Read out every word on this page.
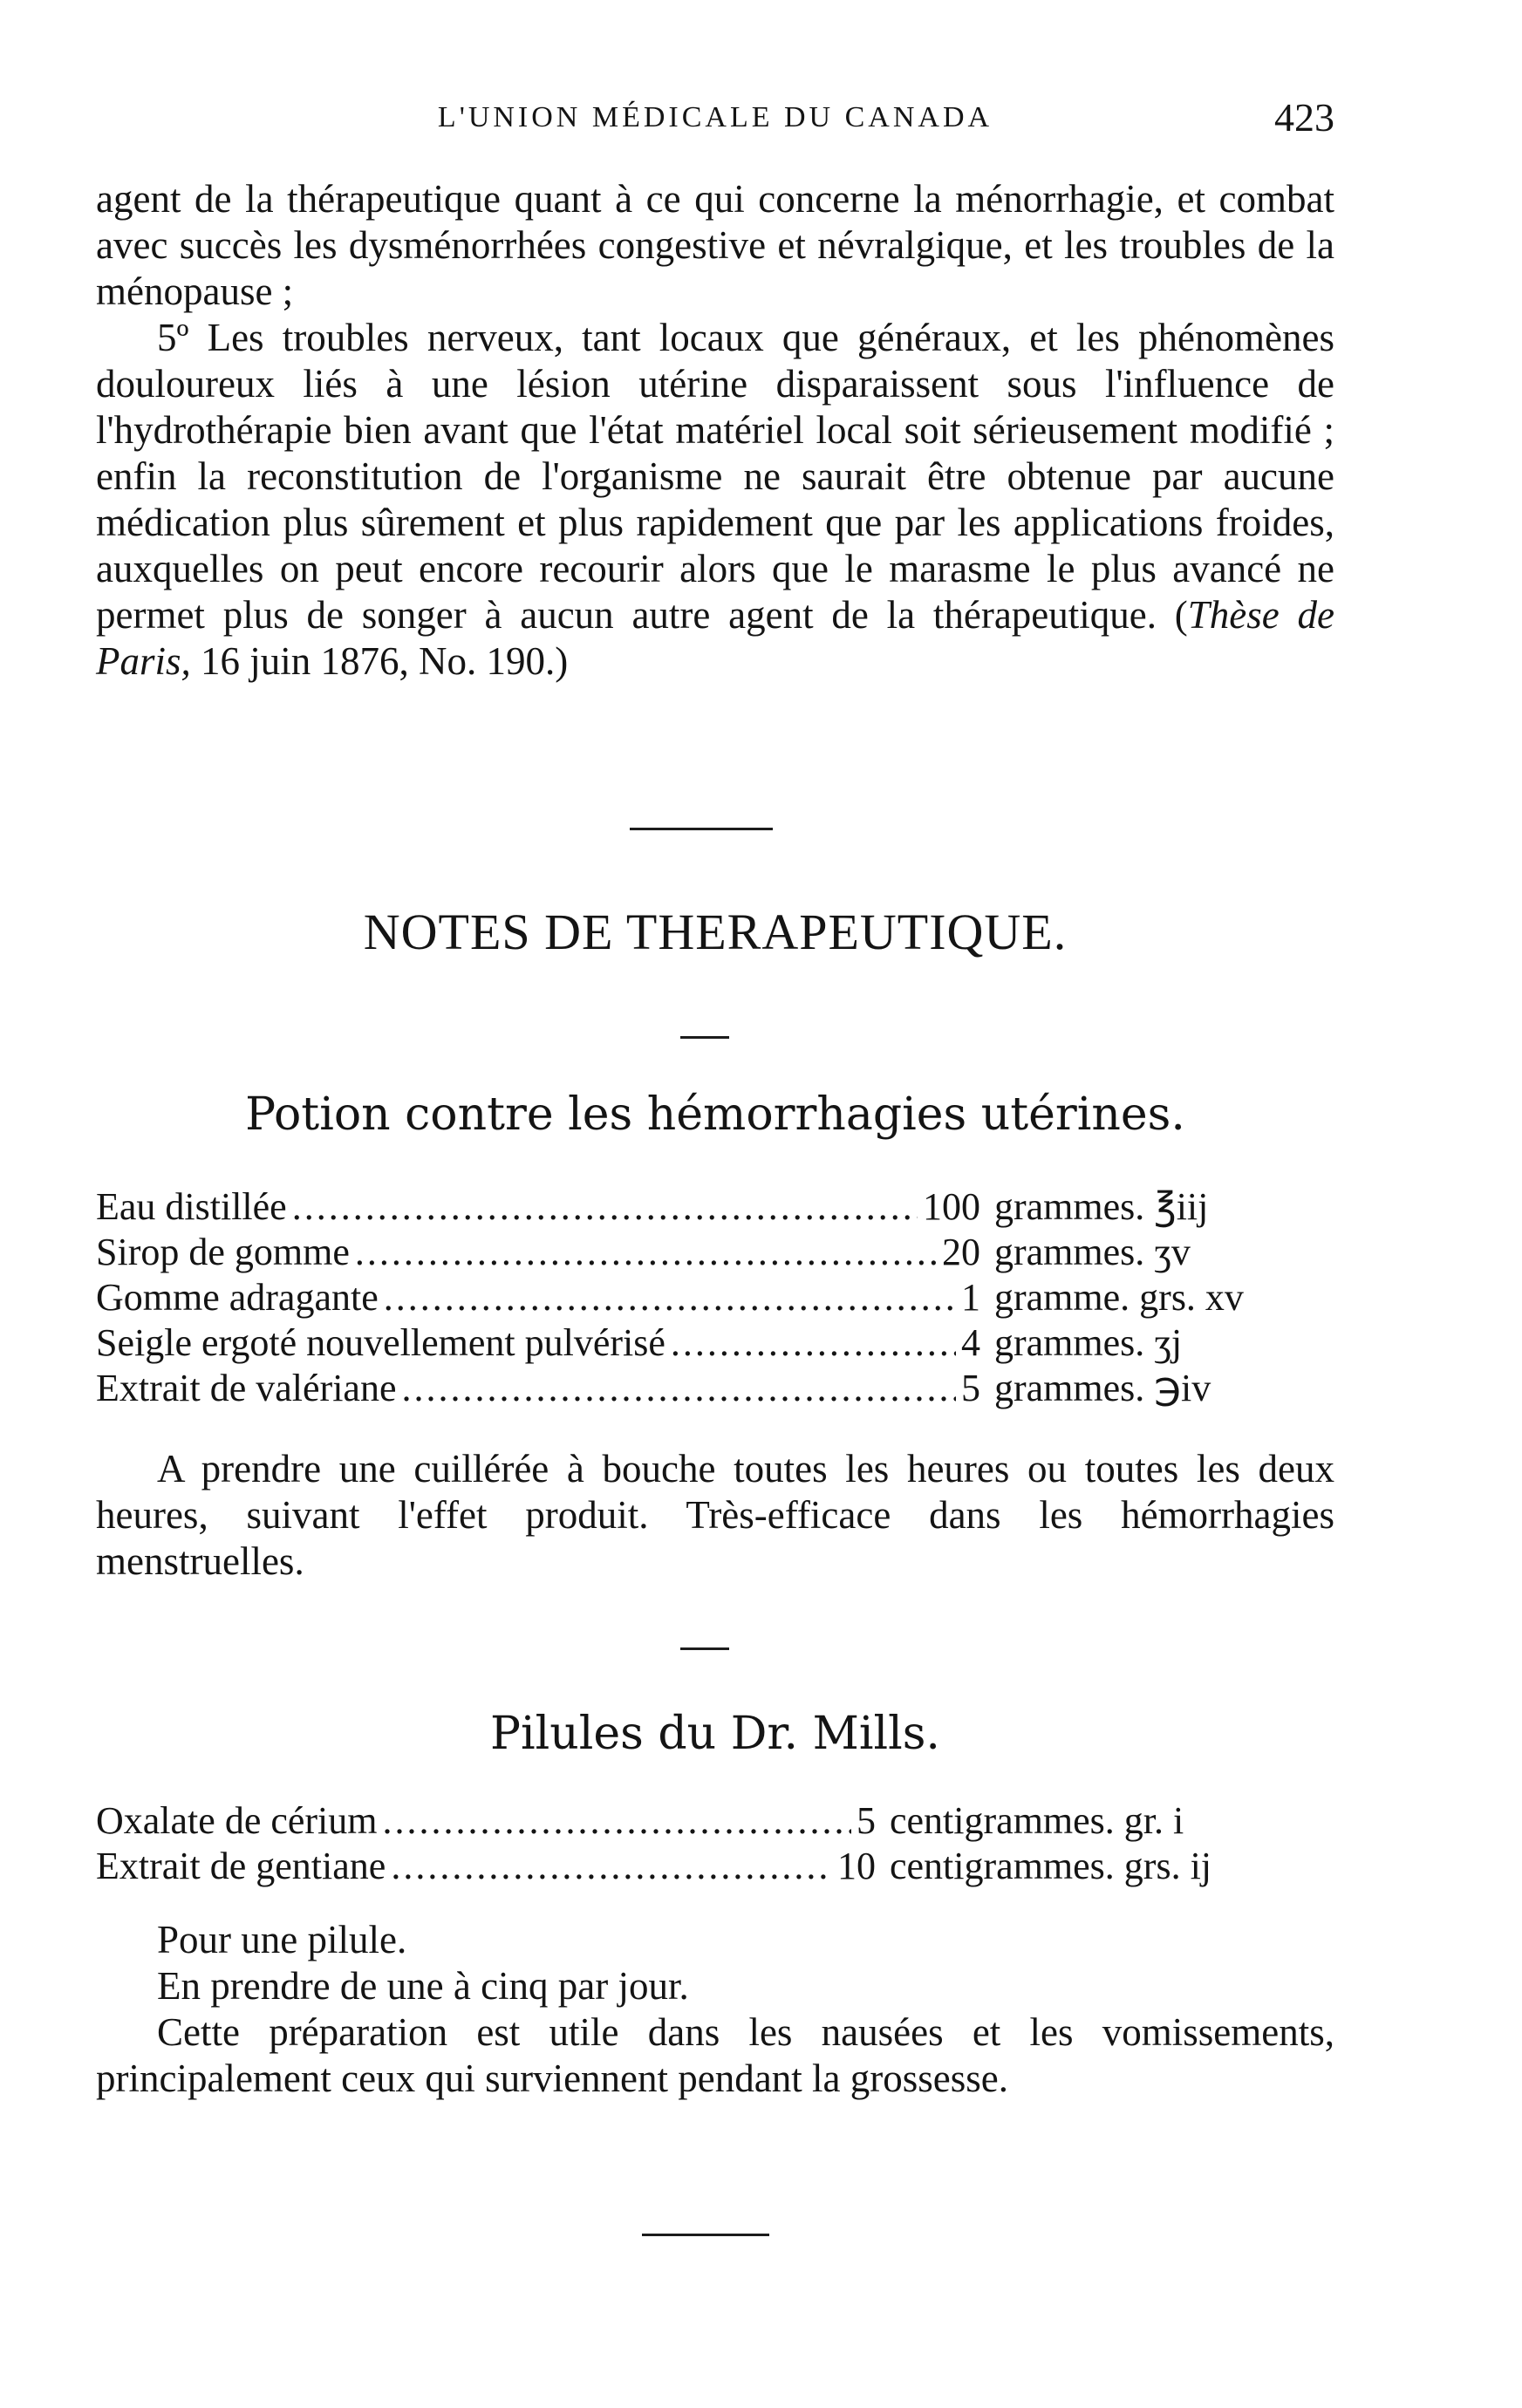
L'UNION MÉDICALE DU CANADA	423

agent de la thérapeutique quant à ce qui concerne la ménorrhagie, et combat avec succès les dysménorrhées congestive et névralgique, et les troubles de la ménopause ;

5º Les troubles nerveux, tant locaux que généraux, et les phénomènes douloureux liés à une lésion utérine disparaissent sous l'influence de l'hydrothérapie bien avant que l'état matériel local soit sérieusement modifié ; enfin la reconstitution de l'organisme ne saurait être obtenue par aucune médication plus sûrement et plus rapidement que par les applications froides, auxquelles on peut encore recourir alors que le marasme le plus avancé ne permet plus de songer à aucun autre agent de la thérapeutique. (Thèse de Paris, 16 juin 1876, No. 190.)

NOTES DE THERAPEUTIQUE.
Potion contre les hémorrhagies utérines.
Eau distillée .....	100 grammes. ℥iij
Sirop de gomme .....	20 grammes. ʒv
Gomme adragante .....	1 gramme. grs. xv
Seigle ergoté nouvellement pulvérisé .....	4 grammes. ʒj
Extrait de valériane .....	5 grammes. ℈iv

A prendre une cuillérée à bouche toutes les heures ou toutes les deux heures, suivant l'effet produit. Très-efficace dans les hémorrhagies menstruelles.

Pilules du Dr. Mills.
Oxalate de cérium .....	5 centigrammes. gr. i
Extrait de gentiane .....	10 centigrammes. grs. ij

Pour une pilule.

En prendre de une à cinq par jour.

Cette préparation est utile dans les nausées et les vomissements, principalement ceux qui surviennent pendant la grossesse.
